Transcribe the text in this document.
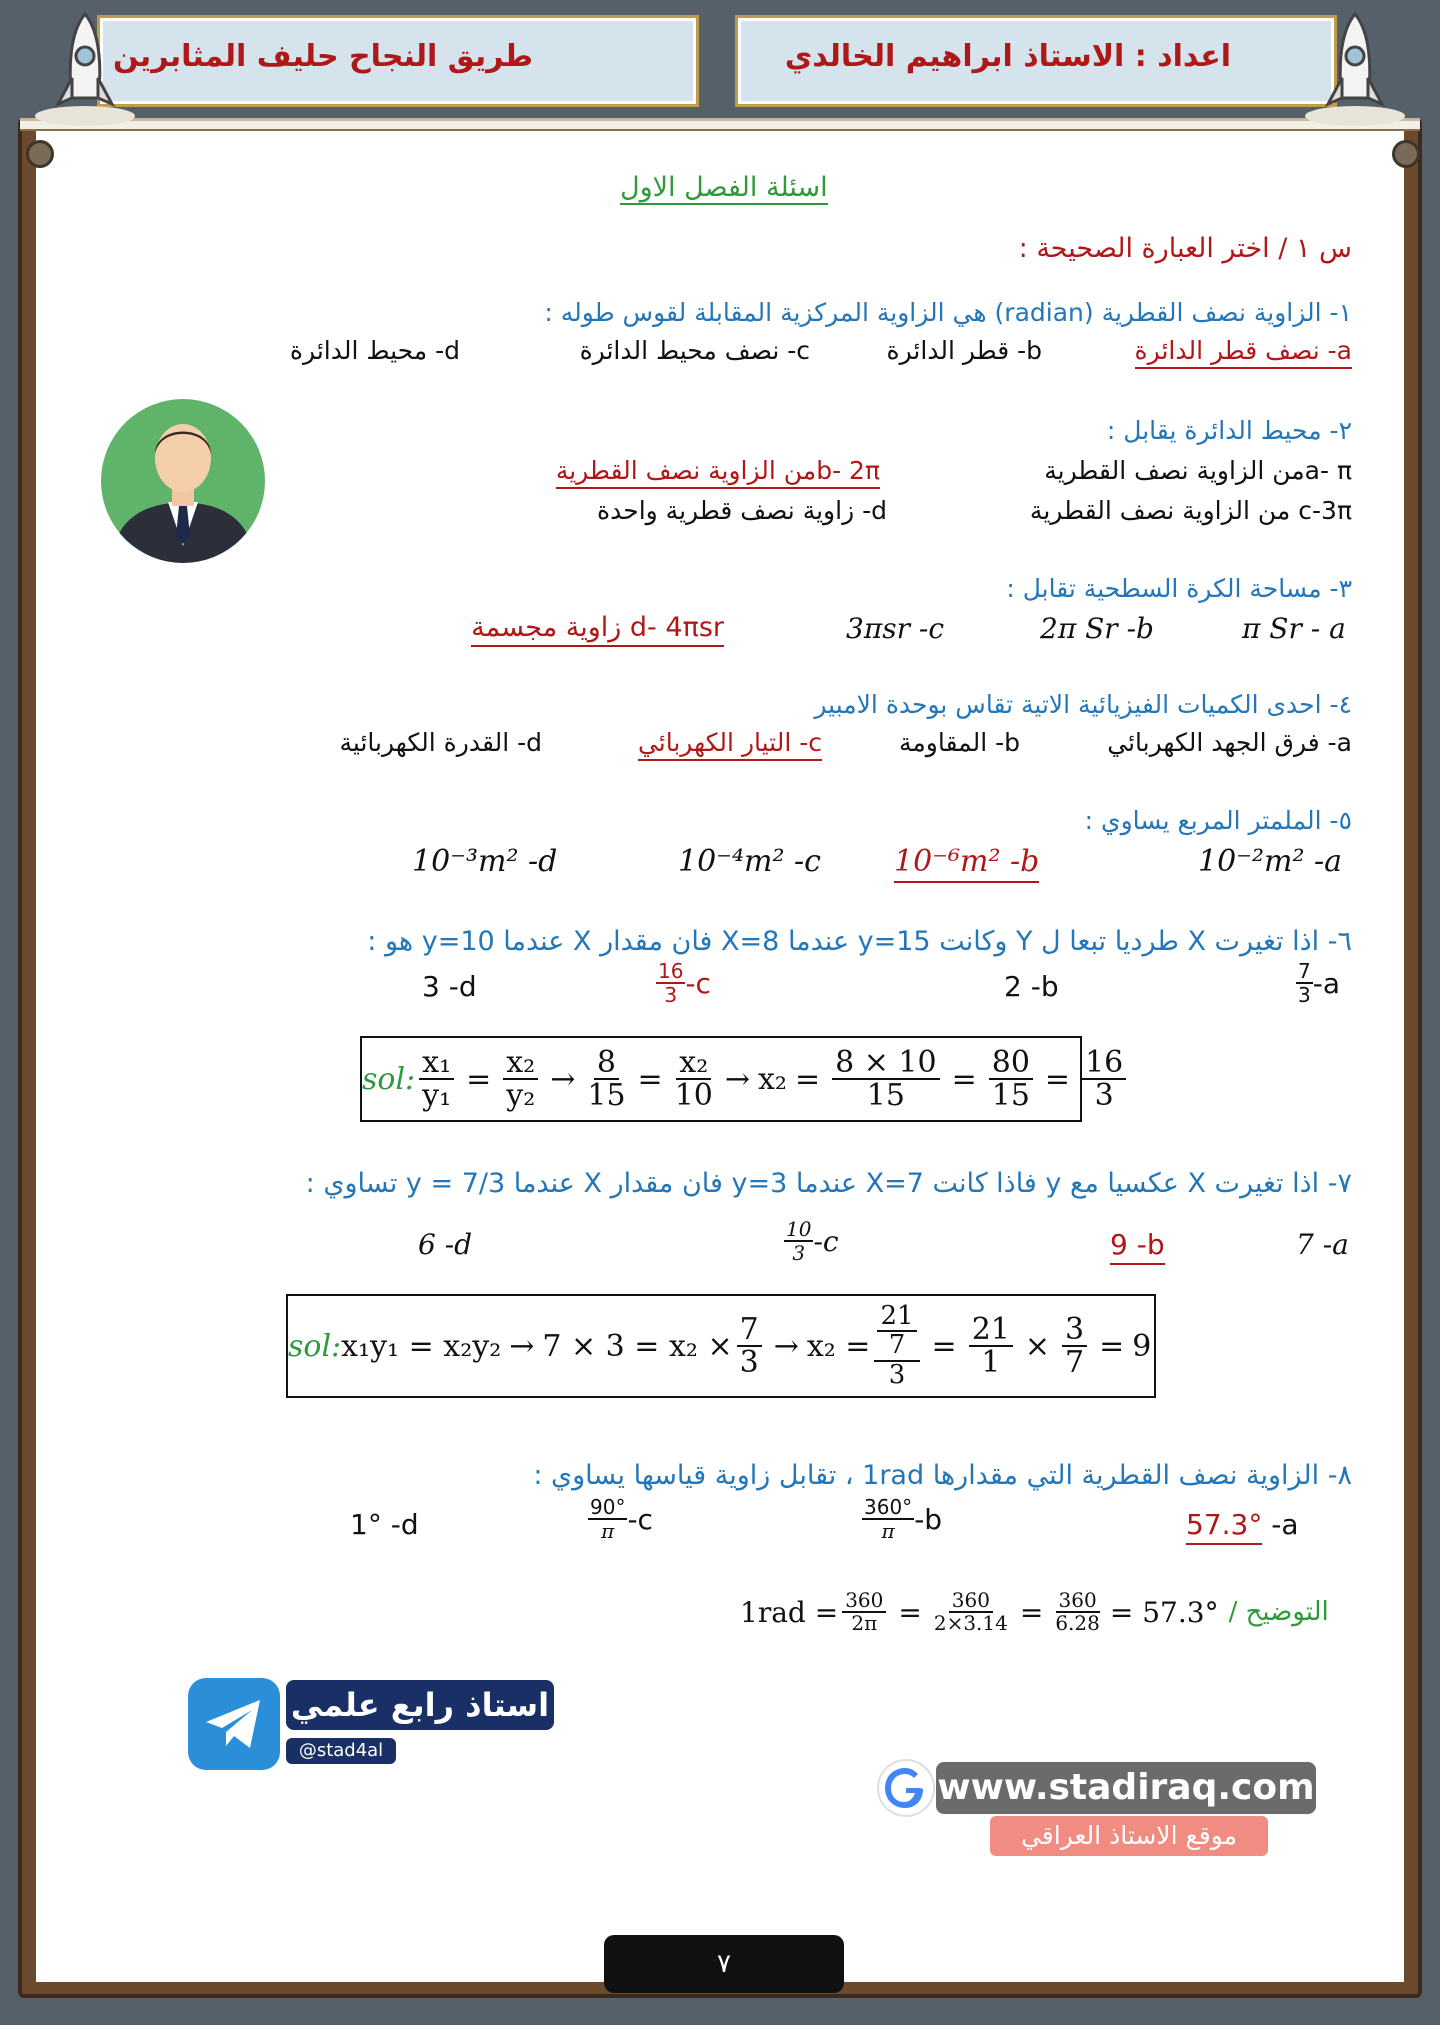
طريق النجاح حليف المثابرين	اعداد : الاستاذ ابراهيم الخالدي
اسئلة الفصل الاول
س ١ / اختر العبارة الصحيحة :
١- الزاوية نصف القطرية (radian) هي الزاوية المركزية المقابلة لقوس طوله :
a- نصف قطر الدائرة
b- قطر الدائرة
c- نصف محيط الدائرة
d- محيط الدائرة
٢- محيط الدائرة يقابل :
a- πمن الزاوية نصف القطرية
b- 2πمن الزاوية نصف القطرية
c-3π من الزاوية نصف القطرية
d- زاوية نصف قطرية واحدة
٣- مساحة الكرة السطحية تقابل :
π Sr - a
2π Sr -b
3πsr -c
d- 4πsr زاوية مجسمة
٤- احدى الكميات الفيزيائية الاتية تقاس بوحدة الامبير
a- فرق الجهد الكهربائي
b- المقاومة
c- التيار الكهربائي
d- القدرة الكهربائية
٥- الملمتر المربع يساوي :
10⁻²m² -a
10⁻⁶m² -b
10⁻⁴m² -c
10⁻³m² -d
٦- اذا تغيرت X طرديا تبعا ل Y وكانت y=15 عندما X=8 فان مقدار X عندما y=10 هو :
$\frac{7}{3} -a$
2 -b
$\frac{16}{3} -c$
3 -d
sol: $\frac{\text{x₁}}{\text{y₁}} = \frac{\text{x₂}}{\text{y₂}} \to \frac{8}{15} = \frac{\text{x₂}}{10} \to x_2 = \frac{8 \times 10}{15} = \frac{80}{15} = \frac{16}{3}$
٧- اذا تغيرت X عكسيا مع y فاذا كانت X=7 عندما y=3 فان مقدار X عندما y = 7/3 تساوي :
7 -a
9 -b
$\frac{10}{3} -c$
6 -d
sol: $x_1y_1 = x_2y_2 \to 7 \times 3 = x_2 \times \frac{7}{3} \to x_2 = \frac{\frac{21}{7}}{3} = \frac{21}{1} \times \frac{3}{7} = 9$
٨- الزاوية نصف القطرية التي مقدارها 1rad ، تقابل زاوية قياسها يساوي :
57.3° -a
$\frac{360^\circ}{\pi} -b$
$\frac{90^\circ}{\pi} -c$
1° -d
$1rad = \frac{360}{2\pi} = \frac{360}{2\times 3.14} = \frac{360}{6.28} = 57.3^\circ$ التوضيح /
استاذ رابع علمي
@stad4al
www.stadiraq.com
موقع الاستاذ العراقي
٧
